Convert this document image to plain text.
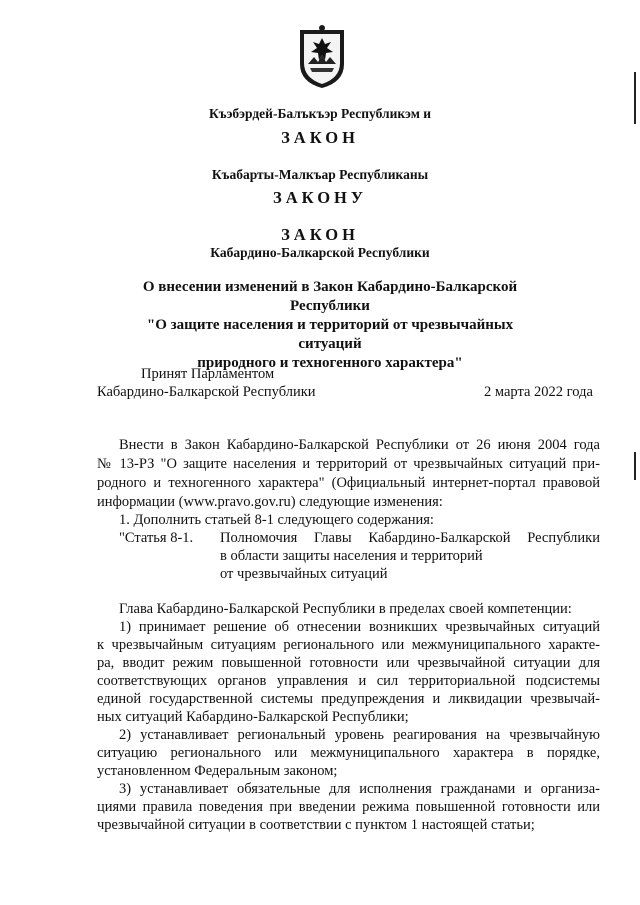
Къэбэрдей-Балъкъэр Республикэм и
ЗАКОН
Къабарты-Малкъар Республиканы
ЗАКОНУ
ЗАКОН
Кабардино-Балкарской Республики
О внесении изменений в Закон Кабардино-Балкарской Республики
"О защите населения и территорий от чрезвычайных ситуаций
природного и техногенного характера"
Принят Парламентом
Кабардино-Балкарской Республики	2 марта 2022 года
Внести в Закон Кабардино-Балкарской Республики от 26 июня 2004 года
№ 13-РЗ "О защите населения и территорий от чрезвычайных ситуаций при-
родного и техногенного характера" (Официальный интернет-портал правовой
информации (www.pravo.gov.ru) следующие изменения:
1. Дополнить статьей 8-1 следующего содержания:
"Статья 8-1. Полномочия Главы Кабардино-Балкарской Республики
в области защиты населения и территорий
от чрезвычайных ситуаций
Глава Кабардино-Балкарской Республики в пределах своей компетенции:
1) принимает решение об отнесении возникших чрезвычайных ситуаций
к чрезвычайным ситуациям регионального или межмуниципального характе-
ра, вводит режим повышенной готовности или чрезвычайной ситуации для
соответствующих органов управления и сил территориальной подсистемы
единой государственной системы предупреждения и ликвидации чрезвычай-
ных ситуаций Кабардино-Балкарской Республики;
2) устанавливает региональный уровень реагирования на чрезвычайную
ситуацию регионального или межмуниципального характера в порядке,
установленном Федеральным законом;
3) устанавливает обязательные для исполнения гражданами и организа-
циями правила поведения при введении режима повышенной готовности или
чрезвычайной ситуации в соответствии с пунктом 1 настоящей статьи;
